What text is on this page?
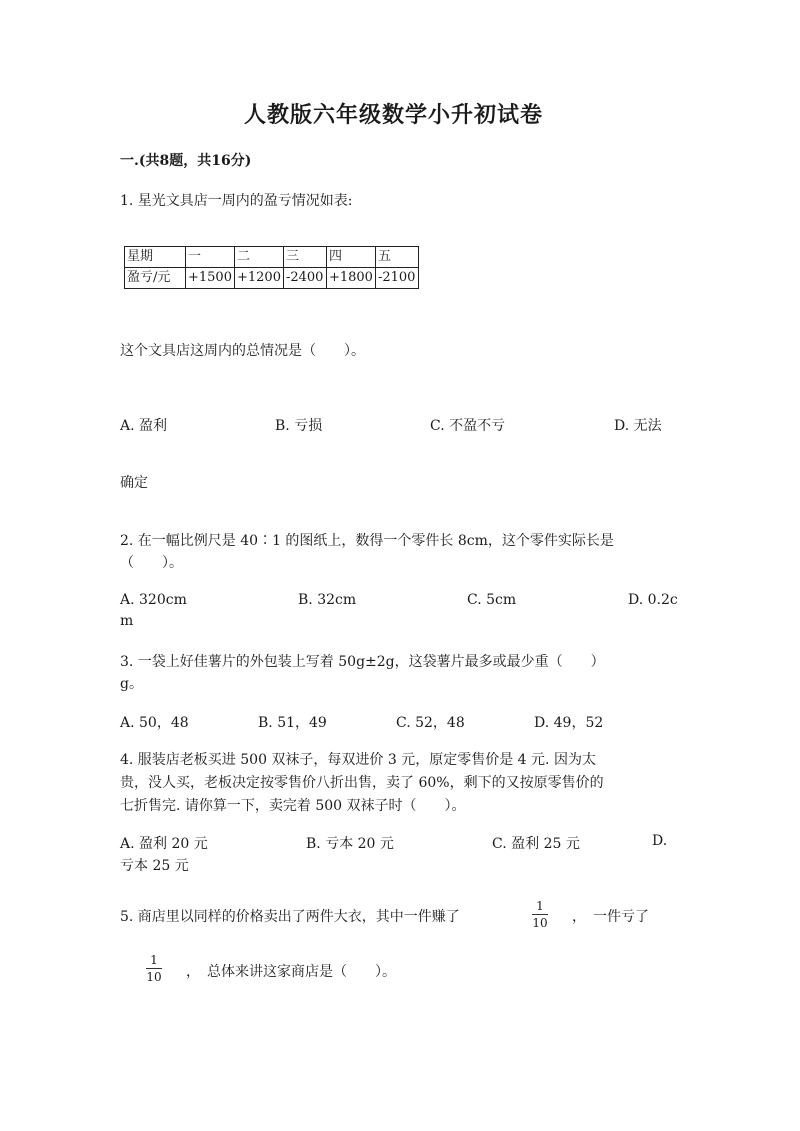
人教版六年级数学小升初试卷
一.(共8题，共16分)
1. 星光文具店一周内的盈亏情况如表:
星期	一	二	三	四	五
盈亏/元	+1500	+1200	-2400	+1800	-2100
这个文具店这周内的总情况是（　　）。
A. 盈利	B. 亏损	C. 不盈不亏	D. 无法
确定
2. 在一幅比例尺是 40∶1 的图纸上，数得一个零件长 8cm，这个零件实际长是
（　　）。
A. 320cm	B. 32cm	C. 5cm	D. 0.2c
m
3. 一袋上好佳薯片的外包装上写着 50g±2g，这袋薯片最多或最少重（　　）
g。
A. 50，48	B. 51，49	C. 52，48	D. 49，52
4. 服装店老板买进 500 双袜子，每双进价 3 元，原定零售价是 4 元. 因为太
贵，没人买，老板决定按零售价八折出售，卖了 60%，剩下的又按原零售价的
七折售完. 请你算一下，卖完着 500 双袜子时（　　）。
A. 盈利 20 元	B. 亏本 20 元	C. 盈利 25 元	D.
亏本 25 元
5. 商店里以同样的价格卖出了两件大衣，其中一件赚了
1
10 ，　一件亏了
1
10 ，　总体来讲这家商店是（　　）。
